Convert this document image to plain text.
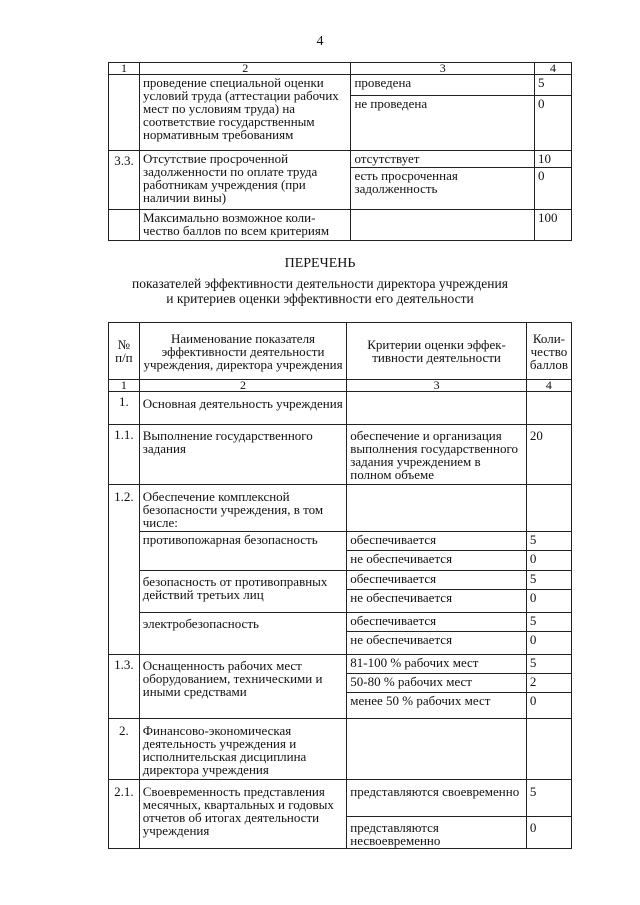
4
1	2	3	4
	проведение специальной оценки условий труда (аттестации рабочих мест по условиям труда) на соответствие государственным нормативным требованиям	проведена	5
		не проведена	0
3.3.	Отсутствие просроченной задолженности по оплате труда работникам учреждения (при наличии вины)	отсутствует	10
		есть просроченная задолженность	0
	Максимально возможное количество баллов по всем критериям		100
ПЕРЕЧЕНЬ
показателей эффективности деятельности директора учреждения
и критериев оценки эффективности его деятельности
№ п/п	Наименование показателя эффективности деятельности учреждения, директора учреждения	Критерии оценки эффективности деятельности	Количество баллов
1	2	3	4
1.	Основная деятельность учреждения		
1.1.	Выполнение государственного задания	обеспечение и организация выполнения государственного задания учреждением в полном объеме	20
1.2.	Обеспечение комплексной безопасности учреждения, в том числе:		
	противопожарная безопасность	обеспечивается	5
		не обеспечивается	0
	безопасность от противоправных действий третьих лиц	обеспечивается	5
		не обеспечивается	0
	электробезопасность	обеспечивается	5
		не обеспечивается	0
1.3.	Оснащенность рабочих мест оборудованием, техническими и иными средствами	81-100 % рабочих мест	5
		50-80 % рабочих мест	2
		менее 50 % рабочих мест	0
2.	Финансово-экономическая деятельность учреждения и исполнительская дисциплина директора учреждения		
2.1.	Своевременность представления месячных, квартальных и годовых отчетов об итогах деятельности учреждения	представляются своевременно	5
		представляются несвоевременно	0
